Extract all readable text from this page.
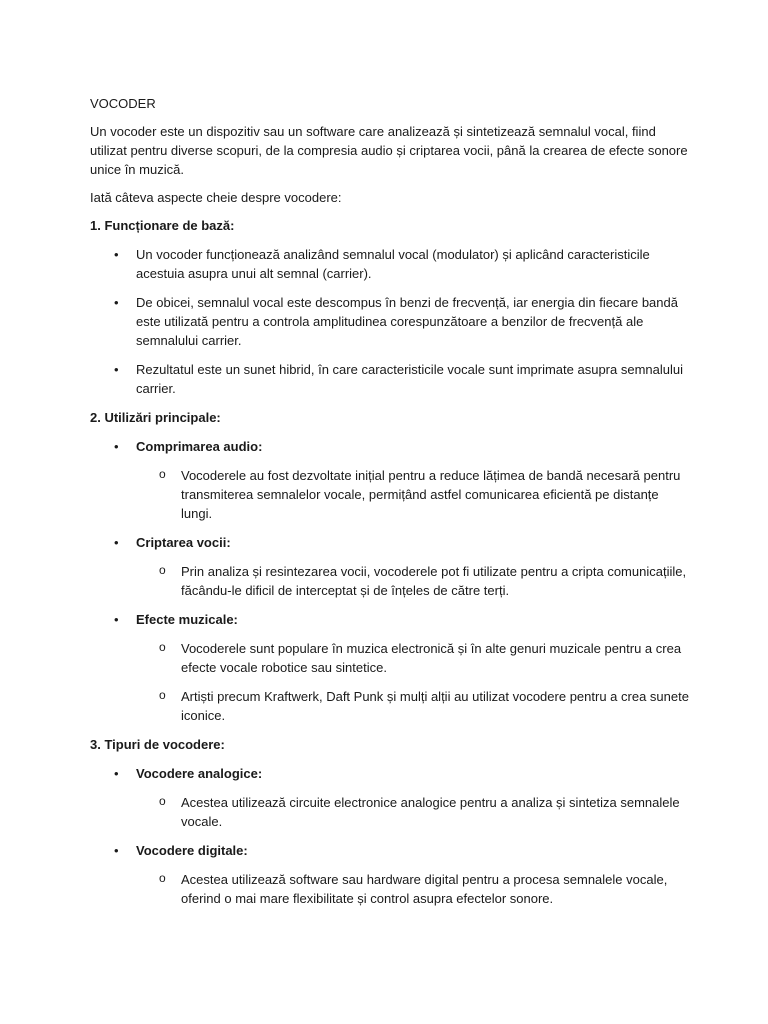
VOCODER

Un vocoder este un dispozitiv sau un software care analizează și sintetizează semnalul vocal, fiind utilizat pentru diverse scopuri, de la compresia audio și criptarea vocii, până la crearea de efecte sonore unice în muzică.

Iată câteva aspecte cheie despre vocodere:

1. Funcționare de bază:
• Un vocoder funcționează analizând semnalul vocal (modulator) și aplicând caracteristicile acestuia asupra unui alt semnal (carrier).
• De obicei, semnalul vocal este descompus în benzi de frecvență, iar energia din fiecare bandă este utilizată pentru a controla amplitudinea corespunzătoare a benzilor de frecvență ale semnalului carrier.
• Rezultatul este un sunet hibrid, în care caracteristicile vocale sunt imprimate asupra semnalului carrier.
2. Utilizări principale:
• Comprimarea audio:
o Vocoderele au fost dezvoltate inițial pentru a reduce lățimea de bandă necesară pentru transmiterea semnalelor vocale, permițând astfel comunicarea eficientă pe distanțe lungi.
• Criptarea vocii:
o Prin analiza și resintezarea vocii, vocoderele pot fi utilizate pentru a cripta comunicațiile, făcându-le dificil de interceptat și de înțeles de către terți.
• Efecte muzicale:
o Vocoderele sunt populare în muzica electronică și în alte genuri muzicale pentru a crea efecte vocale robotice sau sintetice.
o Artiști precum Kraftwerk, Daft Punk și mulți alții au utilizat vocodere pentru a crea sunete iconice.
3. Tipuri de vocodere:
• Vocodere analogice:
o Acestea utilizează circuite electronice analogice pentru a analiza și sintetiza semnalele vocale.
• Vocodere digitale:
o Acestea utilizează software sau hardware digital pentru a procesa semnalele vocale, oferind o mai mare flexibilitate și control asupra efectelor sonore.
